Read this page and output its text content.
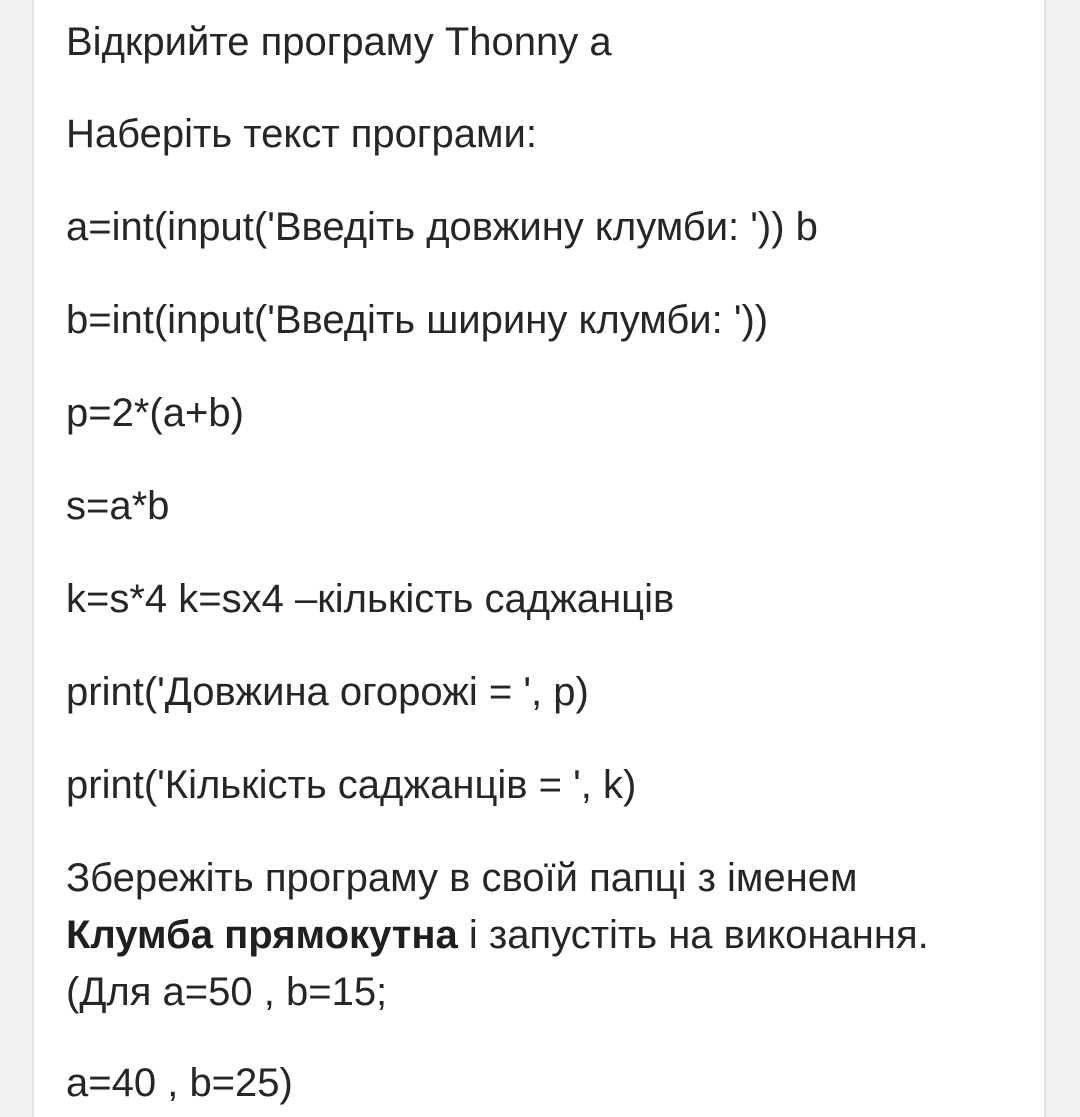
Відкрийте програму Thonny a

Наберіть текст програми:

a=int(input('Введіть довжину клумби: ')) b

b=int(input('Введіть ширину клумби: '))

p=2*(a+b)

s=a*b

k=s*4 k=sх4 –кількість саджанців

print('Довжина огорожі = ', p)

print('Кількість саджанців = ', k)

Збережіть програму в своїй папці з іменем Клумба прямокутна і запустіть на виконання. (Для a=50 , b=15;

a=40 , b=25)
